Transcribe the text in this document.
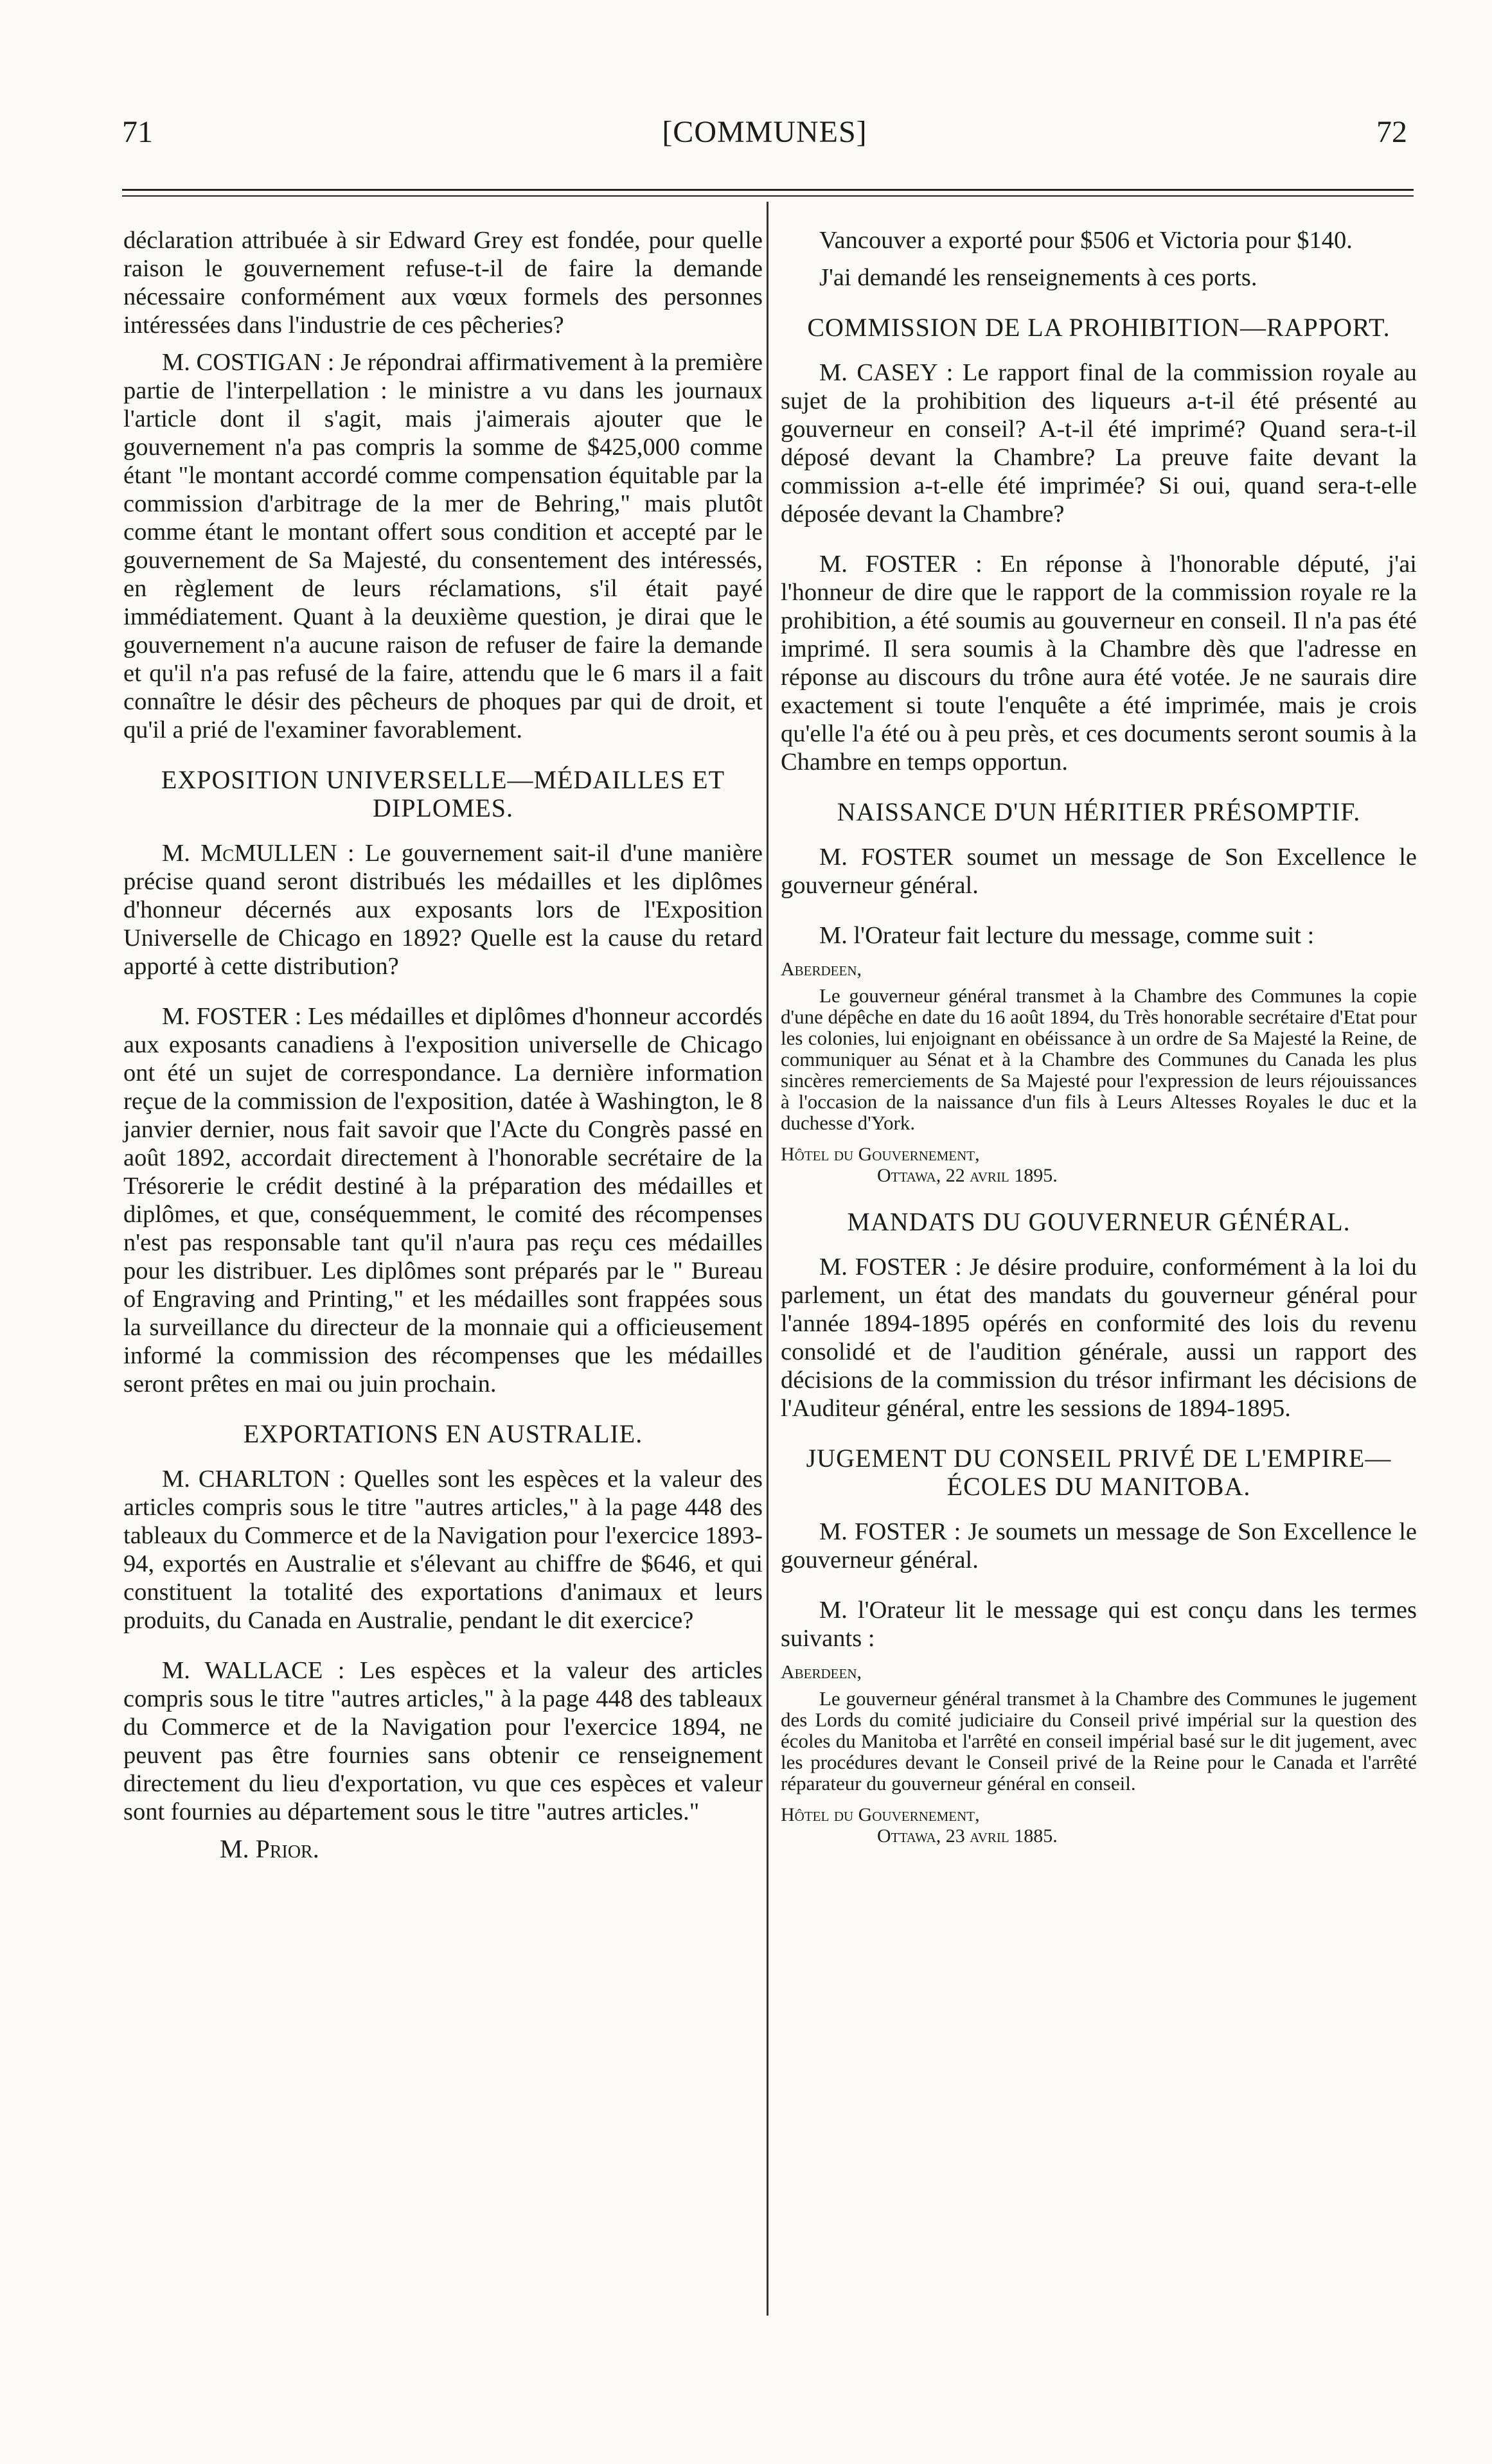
71	[COMMUNES]	72

déclaration attribuée à sir Edward Grey est fondée, pour quelle raison le gouvernement refuse-t-il de faire la demande nécessaire conformément aux vœux formels des personnes intéressées dans l'industrie de ces pêcheries?

M. COSTIGAN : Je répondrai affirmativement à la première partie de l'interpellation : le ministre a vu dans les journaux l'article dont il s'agit, mais j'aimerais ajouter que le gouvernement n'a pas compris la somme de $425,000 comme étant "le montant accordé comme compensation équitable par la commission d'arbitrage de la mer de Behring," mais plutôt comme étant le montant offert sous condition et accepté par le gouvernement de Sa Majesté, du consentement des intéressés, en règlement de leurs réclamations, s'il était payé immédiatement. Quant à la deuxième question, je dirai que le gouvernement n'a aucune raison de refuser de faire la demande et qu'il n'a pas refusé de la faire, attendu que le 6 mars il a fait connaître le désir des pêcheurs de phoques par qui de droit, et qu'il a prié de l'examiner favorablement.

EXPOSITION UNIVERSELLE—MÉDAILLES ET DIPLOMES.

M. McMULLEN : Le gouvernement sait-il d'une manière précise quand seront distribués les médailles et les diplômes d'honneur décernés aux exposants lors de l'Exposition Universelle de Chicago en 1892? Quelle est la cause du retard apporté à cette distribution?

M. FOSTER : Les médailles et diplômes d'honneur accordés aux exposants canadiens à l'exposition universelle de Chicago ont été un sujet de correspondance. La dernière information reçue de la commission de l'exposition, datée à Washington, le 8 janvier dernier, nous fait savoir que l'Acte du Congrès passé en août 1892, accordait directement à l'honorable secrétaire de la Trésorerie le crédit destiné à la préparation des médailles et diplômes, et que, conséquemment, le comité des récompenses n'est pas responsable tant qu'il n'aura pas reçu ces médailles pour les distribuer. Les diplômes sont préparés par le " Bureau of Engraving and Printing," et les médailles sont frappées sous la surveillance du directeur de la monnaie qui a officieusement informé la commission des récompenses que les médailles seront prêtes en mai ou juin prochain.

EXPORTATIONS EN AUSTRALIE.

M. CHARLTON : Quelles sont les espèces et la valeur des articles compris sous le titre "autres articles," à la page 448 des tableaux du Commerce et de la Navigation pour l'exercice 1893-94, exportés en Australie et s'élevant au chiffre de $646, et qui constituent la totalité des exportations d'animaux et leurs produits, du Canada en Australie, pendant le dit exercice?

M. WALLACE : Les espèces et la valeur des articles compris sous le titre "autres articles," à la page 448 des tableaux du Commerce et de la Navigation pour l'exercice 1894, ne peuvent pas être fournies sans obtenir ce renseignement directement du lieu d'exportation, vu que ces espèces et valeur sont fournies au département sous le titre "autres articles."

M. Prior.

Vancouver a exporté pour $506 et Victoria pour $140.

J'ai demandé les renseignements à ces ports.

COMMISSION DE LA PROHIBITION—RAPPORT.

M. CASEY : Le rapport final de la commission royale au sujet de la prohibition des liqueurs a-t-il été présenté au gouverneur en conseil? A-t-il été imprimé? Quand sera-t-il déposé devant la Chambre? La preuve faite devant la commission a-t-elle été imprimée? Si oui, quand sera-t-elle déposée devant la Chambre?

M. FOSTER : En réponse à l'honorable député, j'ai l'honneur de dire que le rapport de la commission royale re la prohibition, a été soumis au gouverneur en conseil. Il n'a pas été imprimé. Il sera soumis à la Chambre dès que l'adresse en réponse au discours du trône aura été votée. Je ne saurais dire exactement si toute l'enquête a été imprimée, mais je crois qu'elle l'a été ou à peu près, et ces documents seront soumis à la Chambre en temps opportun.

NAISSANCE D'UN HÉRITIER PRÉSOMPTIF.

M. FOSTER soumet un message de Son Excellence le gouverneur général.

M. l'Orateur fait lecture du message, comme suit :

Aberdeen,

Le gouverneur général transmet à la Chambre des Communes la copie d'une dépêche en date du 16 août 1894, du Très honorable secrétaire d'Etat pour les colonies, lui enjoignant en obéissance à un ordre de Sa Majesté la Reine, de communiquer au Sénat et à la Chambre des Communes du Canada les plus sincères remerciements de Sa Majesté pour l'expression de leurs réjouissances à l'occasion de la naissance d'un fils à Leurs Altesses Royales le duc et la duchesse d'York.

Hôtel du Gouvernement,

Ottawa, 22 avril 1895.

MANDATS DU GOUVERNEUR GÉNÉRAL.

M. FOSTER : Je désire produire, conformément à la loi du parlement, un état des mandats du gouverneur général pour l'année 1894-1895 opérés en conformité des lois du revenu consolidé et de l'audition générale, aussi un rapport des décisions de la commission du trésor infirmant les décisions de l'Auditeur général, entre les sessions de 1894-1895.

JUGEMENT DU CONSEIL PRIVÉ DE L'EMPIRE—ÉCOLES DU MANITOBA.

M. FOSTER : Je soumets un message de Son Excellence le gouverneur général.

M. l'Orateur lit le message qui est conçu dans les termes suivants :

Aberdeen,

Le gouverneur général transmet à la Chambre des Communes le jugement des Lords du comité judiciaire du Conseil privé impérial sur la question des écoles du Manitoba et l'arrêté en conseil impérial basé sur le dit jugement, avec les procédures devant le Conseil privé de la Reine pour le Canada et l'arrêté réparateur du gouverneur général en conseil.

Hôtel du Gouvernement,

Ottawa, 23 avril 1885.
